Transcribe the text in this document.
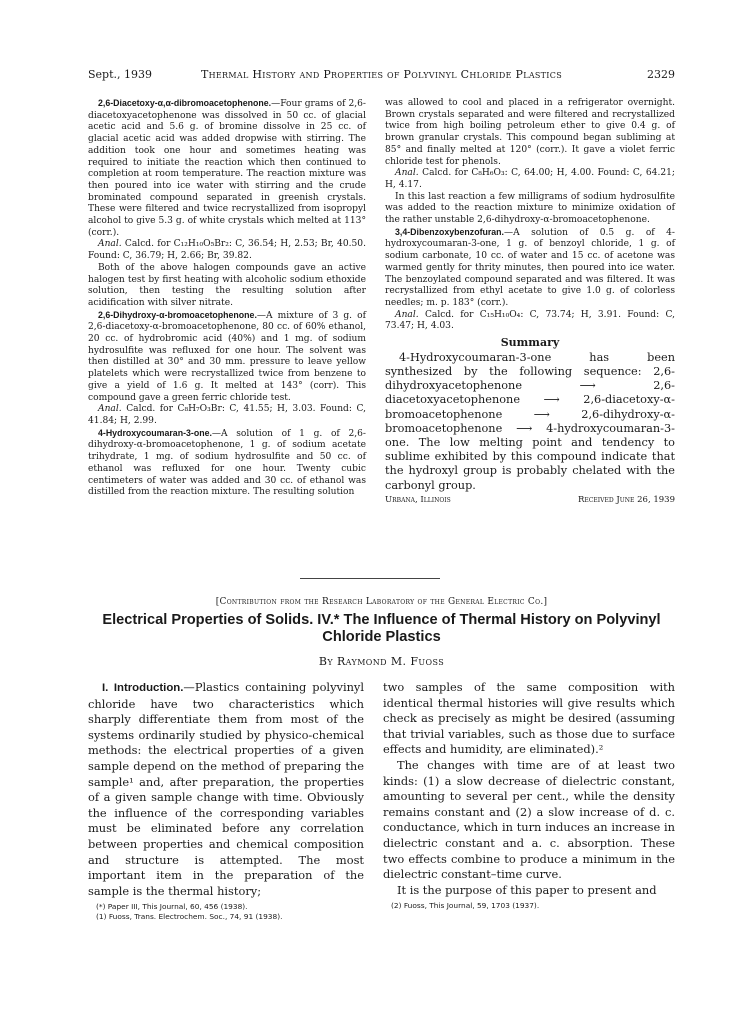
Sept., 1939	Thermal History and Properties of Polyvinyl Chloride Plastics	2329

2,6-Diacetoxy-α,α-dibromoacetophenone.—Four grams of 2,6-diacetoxyacetophenone was dissolved in 50 cc. of glacial acetic acid and 5.6 g. of bromine dissolve in 25 cc. of glacial acetic acid was added dropwise with stirring. The addition took one hour and sometimes heating was required to initiate the reaction which then continued to completion at room temperature. The reaction mixture was then poured into ice water with stirring and the crude brominated compound separated in greenish crystals. These were filtered and twice recrystallized from isopropyl alcohol to give 5.3 g. of white crystals which melted at 113° (corr.).

Anal. Calcd. for C₁₂H₁₀O₅Br₂: C, 36.54; H, 2.53; Br, 40.50. Found: C, 36.79; H, 2.66; Br, 39.82.

Both of the above halogen compounds gave an active halogen test by first heating with alcoholic sodium ethoxide solution, then testing the resulting solution after acidification with silver nitrate.

2,6-Dihydroxy-α-bromoacetophenone.—A mixture of 3 g. of 2,6-diacetoxy-α-bromoacetophenone, 80 cc. of 60% ethanol, 20 cc. of hydrobromic acid (40%) and 1 mg. of sodium hydrosulfite was refluxed for one hour. The solvent was then distilled at 30° and 30 mm. pressure to leave yellow platelets which were recrystallized twice from benzene to give a yield of 1.6 g. It melted at 143° (corr). This compound gave a green ferric chloride test.

Anal. Calcd. for C₈H₇O₃Br: C, 41.55; H, 3.03. Found: C, 41.84; H, 2.99.

4-Hydroxycoumaran-3-one.—A solution of 1 g. of 2,6-dihydroxy-α-bromoacetophenone, 1 g. of sodium acetate trihydrate, 1 mg. of sodium hydrosulfite and 50 cc. of ethanol was refluxed for one hour. Twenty cubic centimeters of water was added and 30 cc. of ethanol was distilled from the reaction mixture. The resulting solution

was allowed to cool and placed in a refrigerator overnight. Brown crystals separated and were filtered and recrystallized twice from high boiling petroleum ether to give 0.4 g. of brown granular crystals. This compound began subliming at 85° and finally melted at 120° (corr.). It gave a violet ferric chloride test for phenols.

Anal. Calcd. for C₈H₆O₃: C, 64.00; H, 4.00. Found: C, 64.21; H, 4.17.

In this last reaction a few milligrams of sodium hydrosulfite was added to the reaction mixture to minimize oxidation of the rather unstable 2,6-dihydroxy-α-bromoacetophenone.

3,4-Dibenzoxybenzofuran.—A solution of 0.5 g. of 4-hydroxycoumaran-3-one, 1 g. of benzoyl chloride, 1 g. of sodium carbonate, 10 cc. of water and 15 cc. of acetone was warmed gently for thrity minutes, then poured into ice water. The benzoylated compound separated and was filtered. It was recrystallized from ethyl acetate to give 1.0 g. of colorless needles; m. p. 183° (corr.).

Anal. Calcd. for C₁₅H₁₀O₄: C, 73.74; H, 3.91. Found: C, 73.47; H, 4.03.

Summary
4-Hydroxycoumaran-3-one has been synthesized by the following sequence: 2,6-dihydroxyacetophenone ⟶ 2,6-diacetoxyacetophenone ⟶ 2,6-diacetoxy-α-bromoacetophenone ⟶ 2,6-dihydroxy-α-bromoacetophenone ⟶ 4-hydroxycoumaran-3-one. The low melting point and tendency to sublime exhibited by this compound indicate that the hydroxyl group is probably chelated with the carbonyl group.
Urbana, Illinois	Received June 26, 1939
[Contribution from the Research Laboratory of the General Electric Co.]
Electrical Properties of Solids. IV.* The Influence of Thermal History on Polyvinyl Chloride Plastics
By Raymond M. Fuoss

I. Introduction.—Plastics containing polyvinyl chloride have two characteristics which sharply differentiate them from most of the systems ordinarily studied by physico-chemical methods: the electrical properties of a given sample depend on the method of preparing the sample¹ and, after preparation, the properties of a given sample change with time. Obviously the influence of the corresponding variables must be eliminated before any correlation between properties and chemical composition and structure is attempted. The most important item in the preparation of the sample is the thermal history;

(*) Paper III, This Journal, 60, 456 (1938).
(1) Fuoss, Trans. Electrochem. Soc., 74, 91 (1938).

two samples of the same composition with identical thermal histories will give results which check as precisely as might be desired (assuming that trivial variables, such as those due to surface effects and humidity, are eliminated).²

The changes with time are of at least two kinds: (1) a slow decrease of dielectric constant, amounting to several per cent., while the density remains constant and (2) a slow increase of d. c. conductance, which in turn induces an increase in dielectric constant and a. c. absorption. These two effects combine to produce a minimum in the dielectric constant–time curve.

It is the purpose of this paper to present and

(2) Fuoss, This Journal, 59, 1703 (1937).
